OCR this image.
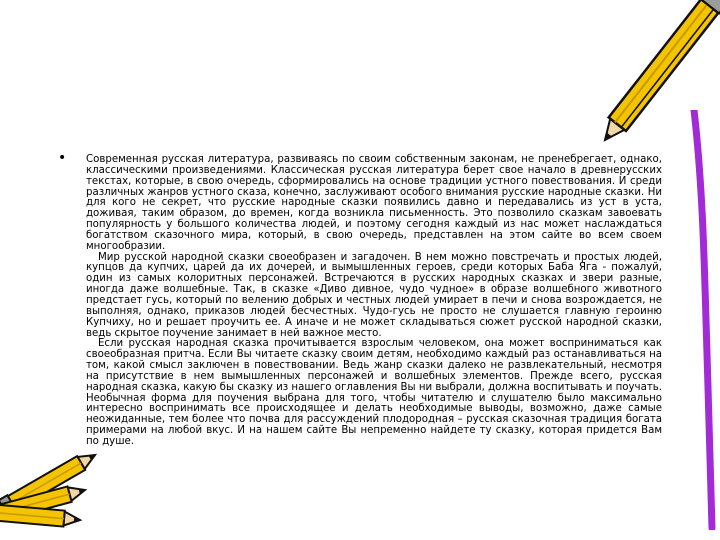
• Современная русская литература, развиваясь по своим собственным законам, не пренебрегает, однако, классическими произведениями. Классическая русская литература берет свое начало в древнерусских текстах, которые, в свою очередь, сформировались на основе традиции устного повествования. И среди различных жанров устного сказа, конечно, заслуживают особого внимания русские народные сказки. Ни для кого не секрет, что русские народные сказки появились давно и передавались из уст в уста, доживая, таким образом, до времен, когда возникла письменность. Это позволило сказкам завоевать популярность у большого количества людей, и поэтому сегодня каждый из нас может наслаждаться богатством сказочного мира, который, в свою очередь, представлен на этом сайте во всем своем многообразии.

Мир русской народной сказки своеобразен и загадочен. В нем можно повстречать и простых людей, купцов да купчих, царей да их дочерей, и вымышленных героев, среди которых Баба Яга - пожалуй, один из самых колоритных персонажей. Встречаются в русских народных сказках и звери разные, иногда даже волшебные. Так, в сказке «Диво дивное, чудо чудное» в образе волшебного животного предстает гусь, который по велению добрых и честных людей умирает в печи и снова возрождается, не выполняя, однако, приказов людей бесчестных. Чудо-гусь не просто не слушается главную героиню Купчиху, но и решает проучить ее. А иначе и не может складываться сюжет русской народной сказки, ведь скрытое поучение занимает в ней важное место.

Если русская народная сказка прочитывается взрослым человеком, она может восприниматься как своеобразная притча. Если Вы читаете сказку своим детям, необходимо каждый раз останавливаться на том, какой смысл заключен в повествовании. Ведь жанр сказки далеко не развлекательный, несмотря на присутствие в нем вымышленных персонажей и волшебных элементов. Прежде всего, русская народная сказка, какую бы сказку из нашего оглавления Вы ни выбрали, должна воспитывать и поучать. Необычная форма для поучения выбрана для того, чтобы читателю и слушателю было максимально интересно воспринимать все происходящее и делать необходимые выводы, возможно, даже самые неожиданные, тем более что почва для рассуждений плодородная – русская сказочная традиция богата примерами на любой вкус. И на нашем сайте Вы непременно найдете ту сказку, которая придется Вам по душе.
